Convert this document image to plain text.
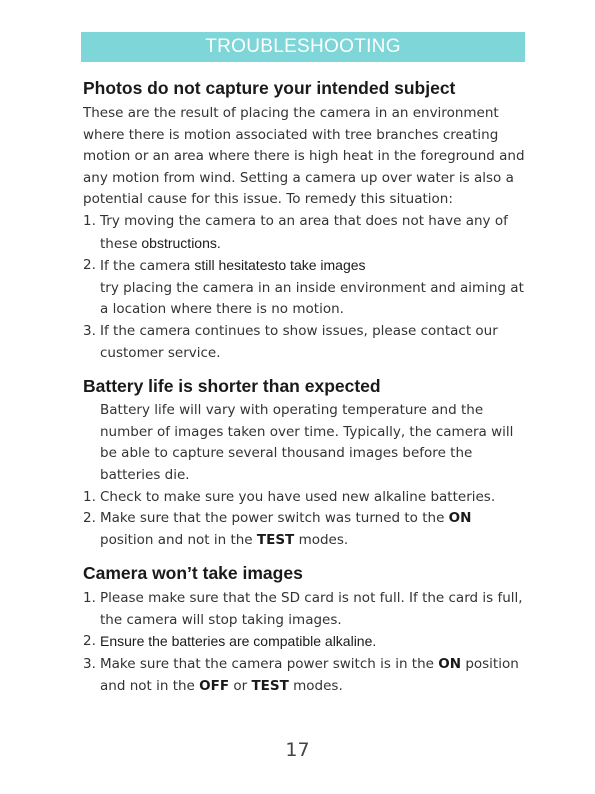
TROUBLESHOOTING
Photos do not capture your intended subject

These are the result of placing the camera in an environment where there is motion associated with tree branches creating motion or an area where there is high heat in the foreground and any motion from wind. Setting a camera up over water is also a potential cause for this issue. To remedy this situation:

1. Try moving the camera to an area that does not have any of these obstructions.
2. If the camera still hesitatesto take images
try placing the camera in an inside environment and aiming at a location where there is no motion.
3. If the camera continues to show issues, please contact our customer service.
Battery life is shorter than expected

Battery life will vary with operating temperature and the number of images taken over time. Typically, the camera will be able to capture several thousand images before the batteries die.

1. Check to make sure you have used new alkaline batteries.
2. Make sure that the power switch was turned to the ON position and not in the TEST modes.
Camera won’t take images
1. Please make sure that the SD card is not full. If the card is full, the camera will stop taking images.
2. Ensure the batteries are compatible alkaline.
3. Make sure that the camera power switch is in the ON position and not in the OFF or TEST modes.
17
